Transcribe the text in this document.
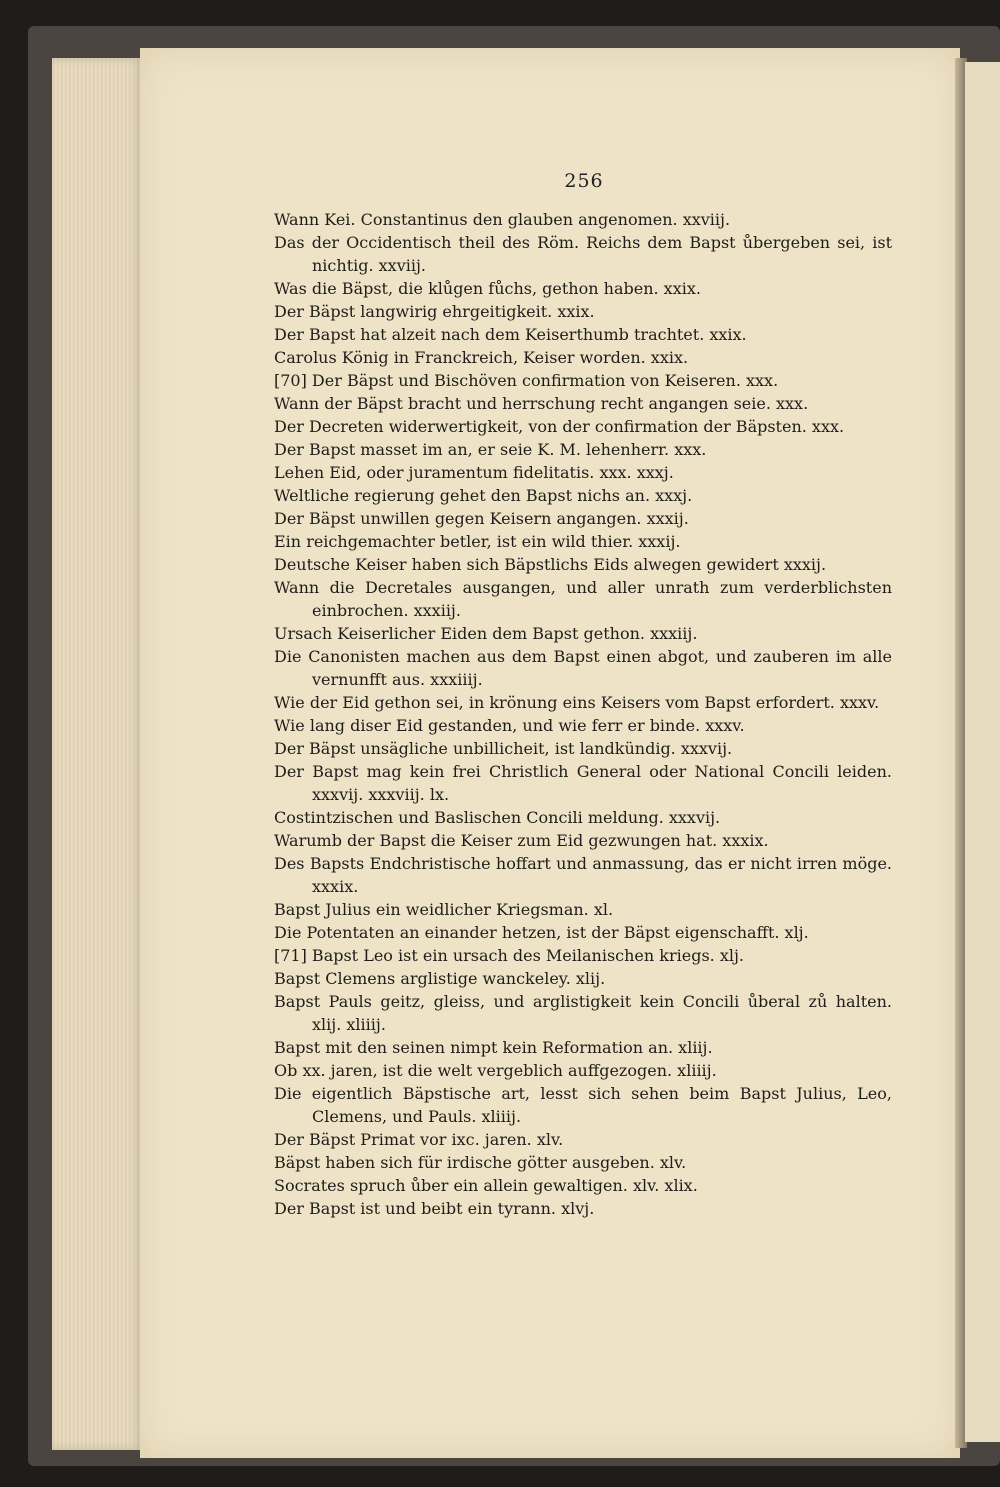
256
Wann Kei. Constantinus den glauben angenomen. xxviij.
Das der Occidentisch theil des Röm. Reichs dem Bapst ůbergeben sei, ist nichtig. xxviij.
Was die Bäpst, die klůgen fůchs, gethon haben. xxix.
Der Bäpst langwirig ehrgeitigkeit. xxix.
Der Bapst hat alzeit nach dem Keiserthumb trachtet. xxix.
Carolus König in Franckreich, Keiser worden. xxix.
[70] Der Bäpst und Bischöven confirmation von Keiseren. xxx.
Wann der Bäpst bracht und herrschung recht angangen seie. xxx.
Der Decreten widerwertigkeit, von der confirmation der Bäpsten. xxx.
Der Bapst masset im an, er seie K. M. lehenherr. xxx.
Lehen Eid, oder juramentum fidelitatis. xxx. xxxj.
Weltliche regierung gehet den Bapst nichs an. xxxj.
Der Bäpst unwillen gegen Keisern angangen. xxxij.
Ein reichgemachter betler, ist ein wild thier. xxxij.
Deutsche Keiser haben sich Bäpstlichs Eids alwegen gewidert xxxij.
Wann die Decretales ausgangen, und aller unrath zum verderblichsten einbrochen. xxxiij.
Ursach Keiserlicher Eiden dem Bapst gethon. xxxiij.
Die Canonisten machen aus dem Bapst einen abgot, und zauberen im alle vernunfft aus. xxxiiij.
Wie der Eid gethon sei, in krönung eins Keisers vom Bapst erfordert. xxxv.
Wie lang diser Eid gestanden, und wie ferr er binde. xxxv.
Der Bäpst unsägliche unbillicheit, ist landkündig. xxxvij.
Der Bapst mag kein frei Christlich General oder National Concili leiden. xxxvij. xxxviij. lx.
Costintzischen und Baslischen Concili meldung. xxxvij.
Warumb der Bapst die Keiser zum Eid gezwungen hat. xxxix.
Des Bapsts Endchristische hoffart und anmassung, das er nicht irren möge. xxxix.
Bapst Julius ein weidlicher Kriegsman. xl.
Die Potentaten an einander hetzen, ist der Bäpst eigenschafft. xlj.
[71] Bapst Leo ist ein ursach des Meilanischen kriegs. xlj.
Bapst Clemens arglistige wanckeley. xlij.
Bapst Pauls geitz, gleiss, und arglistigkeit kein Concili ůberal zů halten. xlij. xliiij.
Bapst mit den seinen nimpt kein Reformation an. xliij.
Ob xx. jaren, ist die welt vergeblich auffgezogen. xliiij.
Die eigentlich Bäpstische art, lesst sich sehen beim Bapst Julius, Leo, Clemens, und Pauls. xliiij.
Der Bäpst Primat vor ixc. jaren. xlv.
Bäpst haben sich für irdische götter ausgeben. xlv.
Socrates spruch ůber ein allein gewaltigen. xlv. xlix.
Der Bapst ist und beibt ein tyrann. xlvj.
